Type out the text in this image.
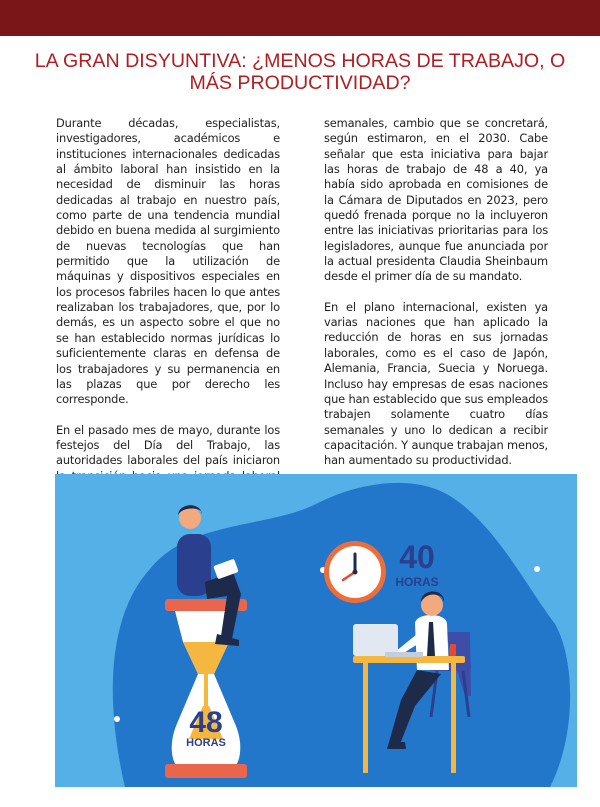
LA GRAN DISYUNTIVA: ¿MENOS HORAS DE TRABAJO, O MÁS PRODUCTIVIDAD?

Durante décadas, especialistas, investigadores, académicos e instituciones internacionales dedicadas al ámbito laboral han insistido en la necesidad de disminuir las horas dedicadas al trabajo en nuestro país, como parte de una tendencia mundial debido en buena medida al surgimiento de nuevas tecnologías que han permitido que la utilización de máquinas y dispositivos especiales en los procesos fabriles hacen lo que antes realizaban los trabajadores, que, por lo demás, es un aspecto sobre el que no se han establecido normas jurídicas lo suficientemente claras en defensa de los trabajadores y su permanencia en las plazas que por derecho les corresponde.

En el pasado mes de mayo, durante los festejos del Día del Trabajo, las autoridades laborales del país iniciaron

semanales, cambio que se concretará, según estimaron, en el 2030. Cabe señalar que esta iniciativa para bajar las horas de trabajo de 48 a 40, ya había sido aprobada en comisiones de la Cámara de Diputados en 2023, pero quedó frenada porque no la incluyeron entre las iniciativas prioritarias para los legisladores, aunque fue anunciada por la actual presidenta Claudia Sheinbaum desde el primer día de su mandato.

En el plano internacional, existen ya varias naciones que han aplicado la reducción de horas en sus jornadas laborales, como es el caso de Japón, Alemania, Francia, Suecia y Noruega. Incluso hay empresas de esas naciones que han establecido que sus empleados trabajen solamente cuatro días semanales y uno lo dedican a recibir capacitación. Y aunque trabajan menos, han aumentado su productividad.

40
HORAS
48
HORAS
